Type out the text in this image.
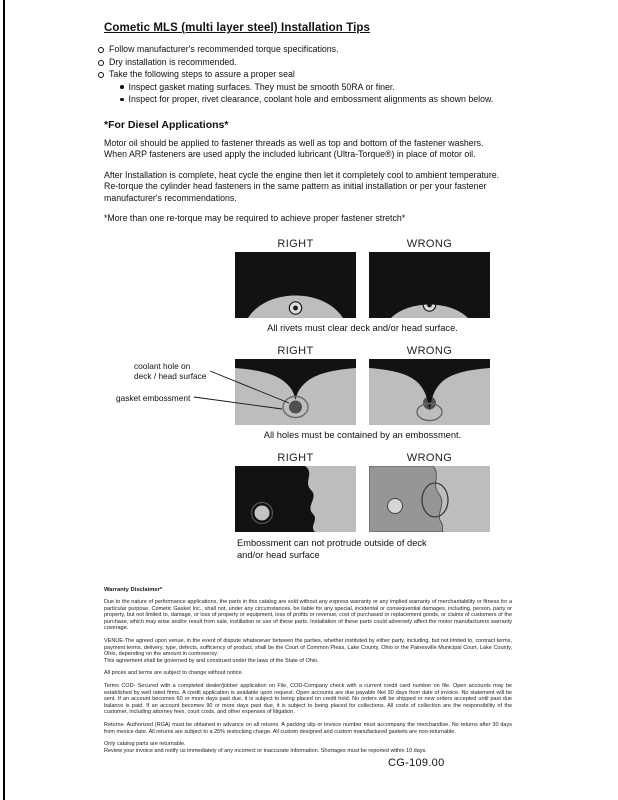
Cometic MLS (multi layer steel) Installation Tips
Follow manufacturer's recommended torque specifications.
Dry installation is recommended.
Take the following steps to assure a proper seal
Inspect gasket mating surfaces. They must be smooth 50RA or finer.
Inspect for proper, rivet clearance, coolant hole and embossment alignments as shown below.
*For Diesel Applications*

Motor oil should be applied to fastener threads as well as top and bottom of the fastener washers. When ARP fasteners are used apply the included lubricant (Ultra-Torque®) in place of motor oil.

After Installation is complete, heat cycle the engine then let it completely cool to ambient temperature. Re-torque the cylinder head fasteners in the same pattern as initial installation or per your fastener manufacturer's recommendations.

*More than one re-torque may be required to achieve proper fastener stretch*

RIGHT	WRONG
All rivets must clear deck and/or head surface.
RIGHT	WRONG
coolant hole on
deck / head surface
gasket embossment
All holes must be contained by an embossment.
RIGHT	WRONG
Embossment can not protrude outside of deck
and/or head surface

Warranty Disclaimer*

Due to the nature of performance applications, the parts in this catalog are sold without any express warranty or any implied warranty of merchantability or fitness for a particular purpose. Cometic Gasket Inc., shall not, under any circumstances, be liable for any special, incidental or consequential damages, including, person, party or property, but not limited to, damage, or loss of property or equipment, loss of profits or revenue, cost of purchased or replacement goods, or claims of customers of the purchase, which may arise and/or result from sale, instillation or use of these parts. Installation of these parts could adversely affect the motor manufacturers warranty coverage.

VENUE-The agreed upon venue, in the event of dispute whatsoever between the parties, whether instituted by either party, including, but not limited to, contract terms, payment terms, delivery, type, defects, sufficiency of product, shall be the Court of Common Pleas, Lake County, Ohio or the Painesville Municipal Court, Lake County, Ohio, depending on the amount in controversy.

This agreement shall be governed by and construed under the laws of the State of Ohio.

All prices and terms are subject to change without notice.

Terms COD- Secured with a completed dealer/jobber application on File, COD-Company check with a current credit card number on file. Open accounts may be established by well rated firms. A credit application is available upon request. Open accounts are due payable Net 30 days from date of invoice. No statement will be sent. If an account becomes 60 or more days past due, it is subject to being placed on credit hold. No orders will be shipped or new orders accepted until past due balance is paid. If an account becomes 90 or more days past due, it is subject to being placed for collections. All costs of collection are the responsibility of the customer, including attorney fees, court costs, and other expenses of litigation.

Returns- Authorized (RGA) must be obtained in advance on all returns. A packing slip or invoice number must accompany the merchandise. No returns after 30 days from invoice date. All returns are subject to a 25% restocking charge. All custom designed and custom manufactured gaskets are non-returnable.

Only catalog parts are returnable.

Review your invoice and notify us immediately of any incorrect or inaccurate information. Shortages must be reported within 10 days.

CG-109.00
